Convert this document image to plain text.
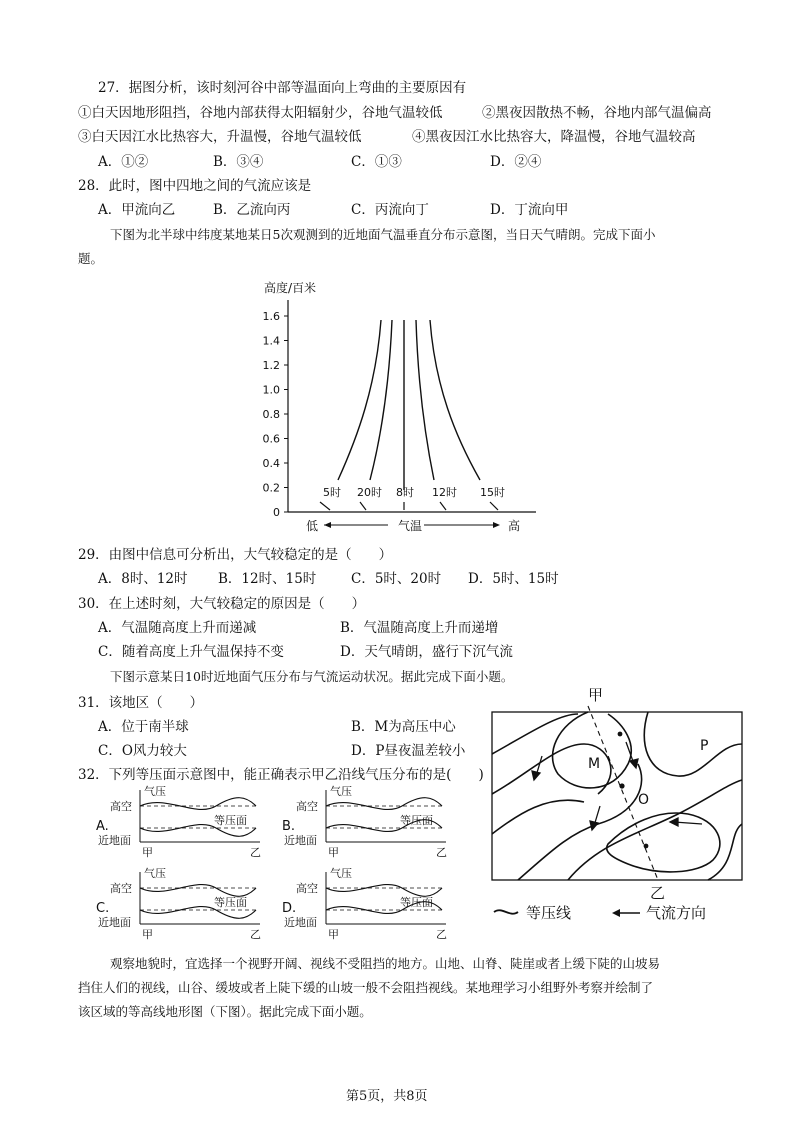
27．据图分析，该时刻河谷中部等温面向上弯曲的主要原因有
①白天因地形阻挡，谷地内部获得太阳辐射少，谷地气温较低	②黑夜因散热不畅，谷地内部气温偏高
③白天因江水比热容大，升温慢，谷地气温较低	④黑夜因江水比热容大，降温慢，谷地气温较高
A．①②	B．③④	C．①③	D．②④
28．此时，图中四地之间的气流应该是
A．甲流向乙	B．乙流向丙	C．丙流向丁	D．丁流向甲
下图为北半球中纬度某地某日5次观测到的近地面气温垂直分布示意图，当日天气晴朗。完成下面小
题。
高度/百米
0
0.2
0.4
0.6
0.8
1.0
1.2
1.4
1.6
5时 20时 8时 12时 15时
低	气温	高
29．由图中信息可分析出，大气较稳定的是（　　）
A．8时、12时 B．12时、15时	C．5时、20时 D．5时、15时
30．在上述时刻，大气较稳定的原因是（　　）
A．气温随高度上升而递减	B．气温随高度上升而递增
C．随着高度上升气温保持不变	D．天气晴朗，盛行下沉气流
下图示意某日10时近地面气压分布与气流运动状况。据此完成下面小题。
31．该地区（　　）
A．位于南半球	B．M为高压中心
C．O风力较大	D．P昼夜温差较小
32．下列等压面示意图中，能正确表示甲乙沿线气压分布的是(　　)
A.
气压
高空
近地面
等压面
甲	乙
B.
气压
高空
近地面
等压面
甲	乙
C.
气压
高空
近地面
等压面
甲	乙
D.
气压
高空
近地面
等压面
甲	乙
甲
M
O
P
乙
等压线	气流方向
观察地貌时，宜选择一个视野开阔、视线不受阻挡的地方。山地、山脊、陡崖或者上缓下陡的山坡易
挡住人们的视线，山谷、缓坡或者上陡下缓的山坡一般不会阻挡视线。某地理学习小组野外考察并绘制了
该区域的等高线地形图（下图）。据此完成下面小题。
第5页，共8页
